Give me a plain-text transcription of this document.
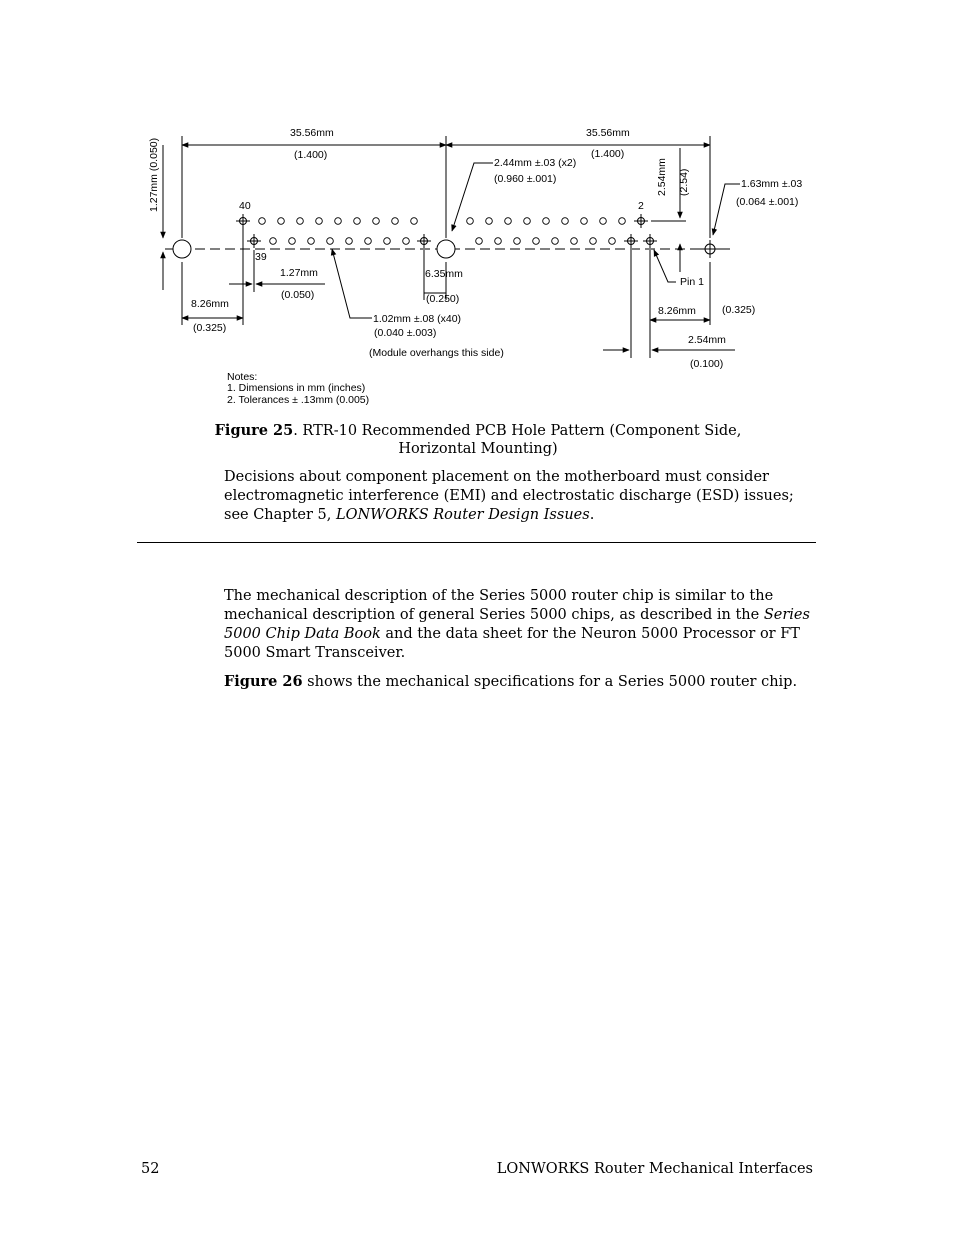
35.56mm
(1.400)
35.56mm
(1.400)
1.27mm (0.050)	2.44mm ±.03 (x2)
(0.960 ±.001)	2.54mm (2.54)	1.63mm ±.03
(0.064 ±.001)
40	2
39
1.27mm
(0.050)
6.35mm
(0.250)
Pin 1
8.26mm
(0.325)
1.02mm ±.08 (x40)
(0.040 ±.003)
(Module overhangs this side)
8.26mm (0.325)
2.54mm
(0.100)
Notes:
1. Dimensions in mm (inches)
2. Tolerances ± .13mm (0.005)
Figure 25. RTR-10 Recommended PCB Hole Pattern (Component Side, Horizontal Mounting)

Decisions about component placement on the motherboard must consider electromagnetic interference (EMI) and electrostatic discharge (ESD) issues; see Chapter 5, LONWORKS Router Design Issues.

The mechanical description of the Series 5000 router chip is similar to the mechanical description of general Series 5000 chips, as described in the Series 5000 Chip Data Book and the data sheet for the Neuron 5000 Processor or FT 5000 Smart Transceiver.

Figure 26 shows the mechanical specifications for a Series 5000 router chip.

52	LONWORKS Router Mechanical Interfaces
